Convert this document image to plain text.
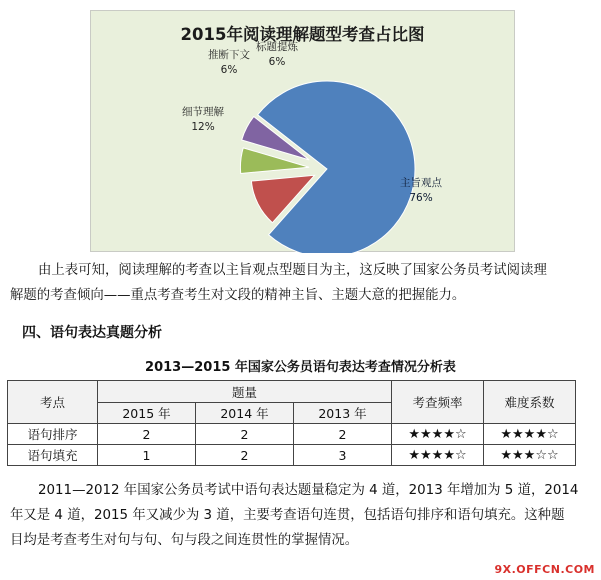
2015年阅读理解题型考查占比图
主旨观点
76%
细节理解
12%
推断下文
6%
标题提炼
6%
由上表可知，阅读理解的考查以主旨观点型题目为主，这反映了国家公务员考试阅读理
解题的考查倾向——重点考查考生对文段的精神主旨、主题大意的把握能力。
四、语句表达真题分析
2013—2015 年国家公务员语句表达考查情况分析表
考点	题量			考查频率	难度系数
	2015 年	2014 年	2013 年		
语句排序	2	2	2	★★★★☆	★★★★☆
语句填充	1	2	3	★★★★☆	★★★☆☆
2011—2012 年国家公务员考试中语句表达题量稳定为 4 道，2013 年增加为 5 道，2014
年又是 4 道，2015 年又减少为 3 道，主要考查语句连贯，包括语句排序和语句填充。这种题
目均是考查考生对句与句、句与段之间连贯性的掌握情况。
9X.OFFCN.COM
